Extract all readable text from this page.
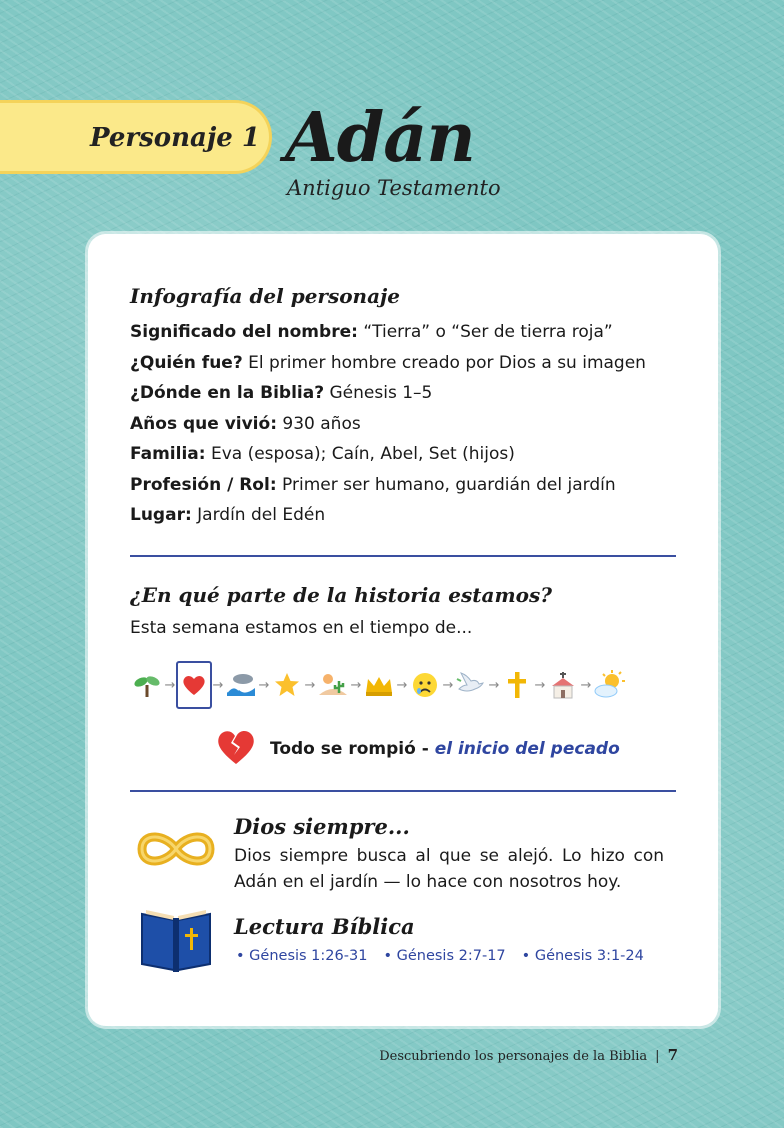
Personaje 1 Adán
Antiguo Testamento
Infografía del personaje
Significado del nombre: “Tierra” o “Ser de tierra roja”
¿Quién fue? El primer hombre creado por Dios a su imagen
¿Dónde en la Biblia? Génesis 1–5
Años que vivió: 930 años
Familia: Eva (esposa); Caín, Abel, Set (hijos)
Profesión / Rol: Primer ser humano, guardián del jardín
Lugar: Jardín del Edén
¿En qué parte de la historia estamos?
Esta semana estamos en el tiempo de...
→	→	→	→	→	→	→	→	→	→
Todo se rompió - el inicio del pecado
Dios siempre...
Dios siempre busca al que se alejó. Lo hizo con Adán en el jardín — lo hace con nosotros hoy.
Lectura Bíblica
• Génesis 1:26-31	• Génesis 2:7-17	• Génesis 3:1-24
Descubriendo los personajes de la Biblia | 7
